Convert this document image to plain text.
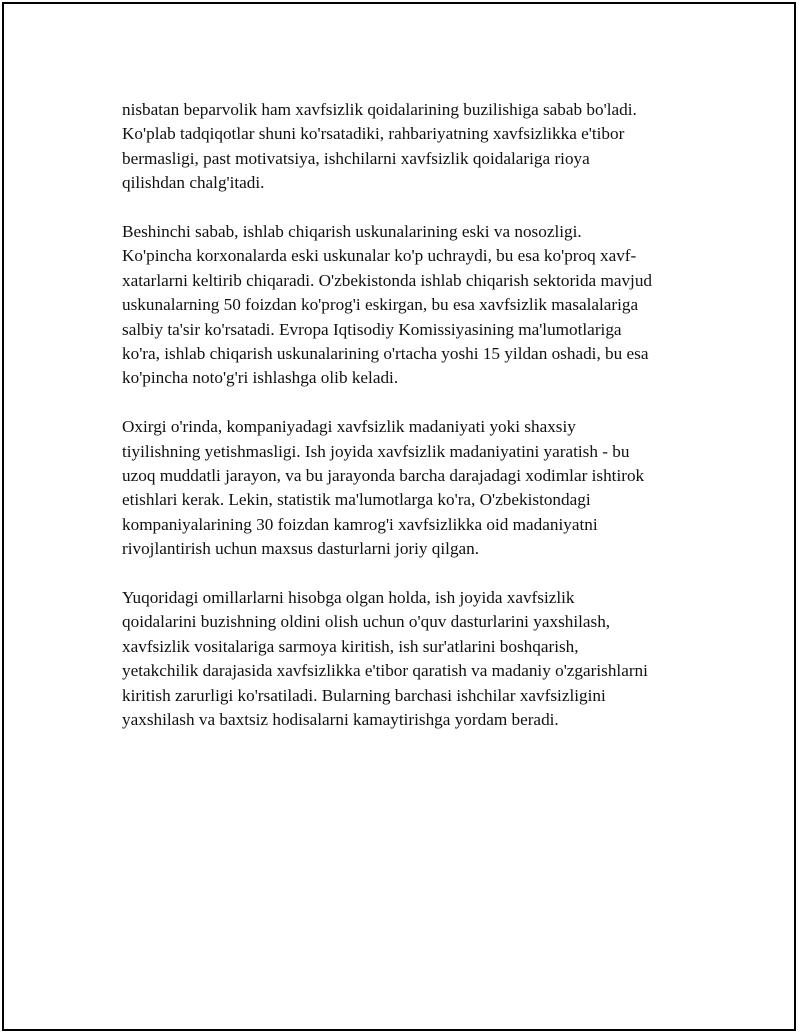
nisbatan beparvolik ham xavfsizlik qoidalarining buzilishiga sabab bo'ladi.
Ko'plab tadqiqotlar shuni ko'rsatadiki, rahbariyatning xavfsizlikka e'tibor
bermasligi, past motivatsiya, ishchilarni xavfsizlik qoidalariga rioya
qilishdan chalg'itadi.

Beshinchi sabab, ishlab chiqarish uskunalarining eski va nosozligi.
Ko'pincha korxonalarda eski uskunalar ko'p uchraydi, bu esa ko'proq xavf-
xatarlarni keltirib chiqaradi. O'zbekistonda ishlab chiqarish sektorida mavjud
uskunalarning 50 foizdan ko'prog'i eskirgan, bu esa xavfsizlik masalalariga
salbiy ta'sir ko'rsatadi. Evropa Iqtisodiy Komissiyasining ma'lumotlariga
ko'ra, ishlab chiqarish uskunalarining o'rtacha yoshi 15 yildan oshadi, bu esa
ko'pincha noto'g'ri ishlashga olib keladi.

Oxirgi o'rinda, kompaniyadagi xavfsizlik madaniyati yoki shaxsiy
tiyilishning yetishmasligi. Ish joyida xavfsizlik madaniyatini yaratish - bu
uzoq muddatli jarayon, va bu jarayonda barcha darajadagi xodimlar ishtirok
etishlari kerak. Lekin, statistik ma'lumotlarga ko'ra, O'zbekistondagi
kompaniyalarining 30 foizdan kamrog'i xavfsizlikka oid madaniyatni
rivojlantirish uchun maxsus dasturlarni joriy qilgan.

Yuqoridagi omillarlarni hisobga olgan holda, ish joyida xavfsizlik
qoidalarini buzishning oldini olish uchun o'quv dasturlarini yaxshilash,
xavfsizlik vositalariga sarmoya kiritish, ish sur'atlarini boshqarish,
yetakchilik darajasida xavfsizlikka e'tibor qaratish va madaniy o'zgarishlarni
kiritish zarurligi ko'rsatiladi. Bularning barchasi ishchilar xavfsizligini
yaxshilash va baxtsiz hodisalarni kamaytirishga yordam beradi.
